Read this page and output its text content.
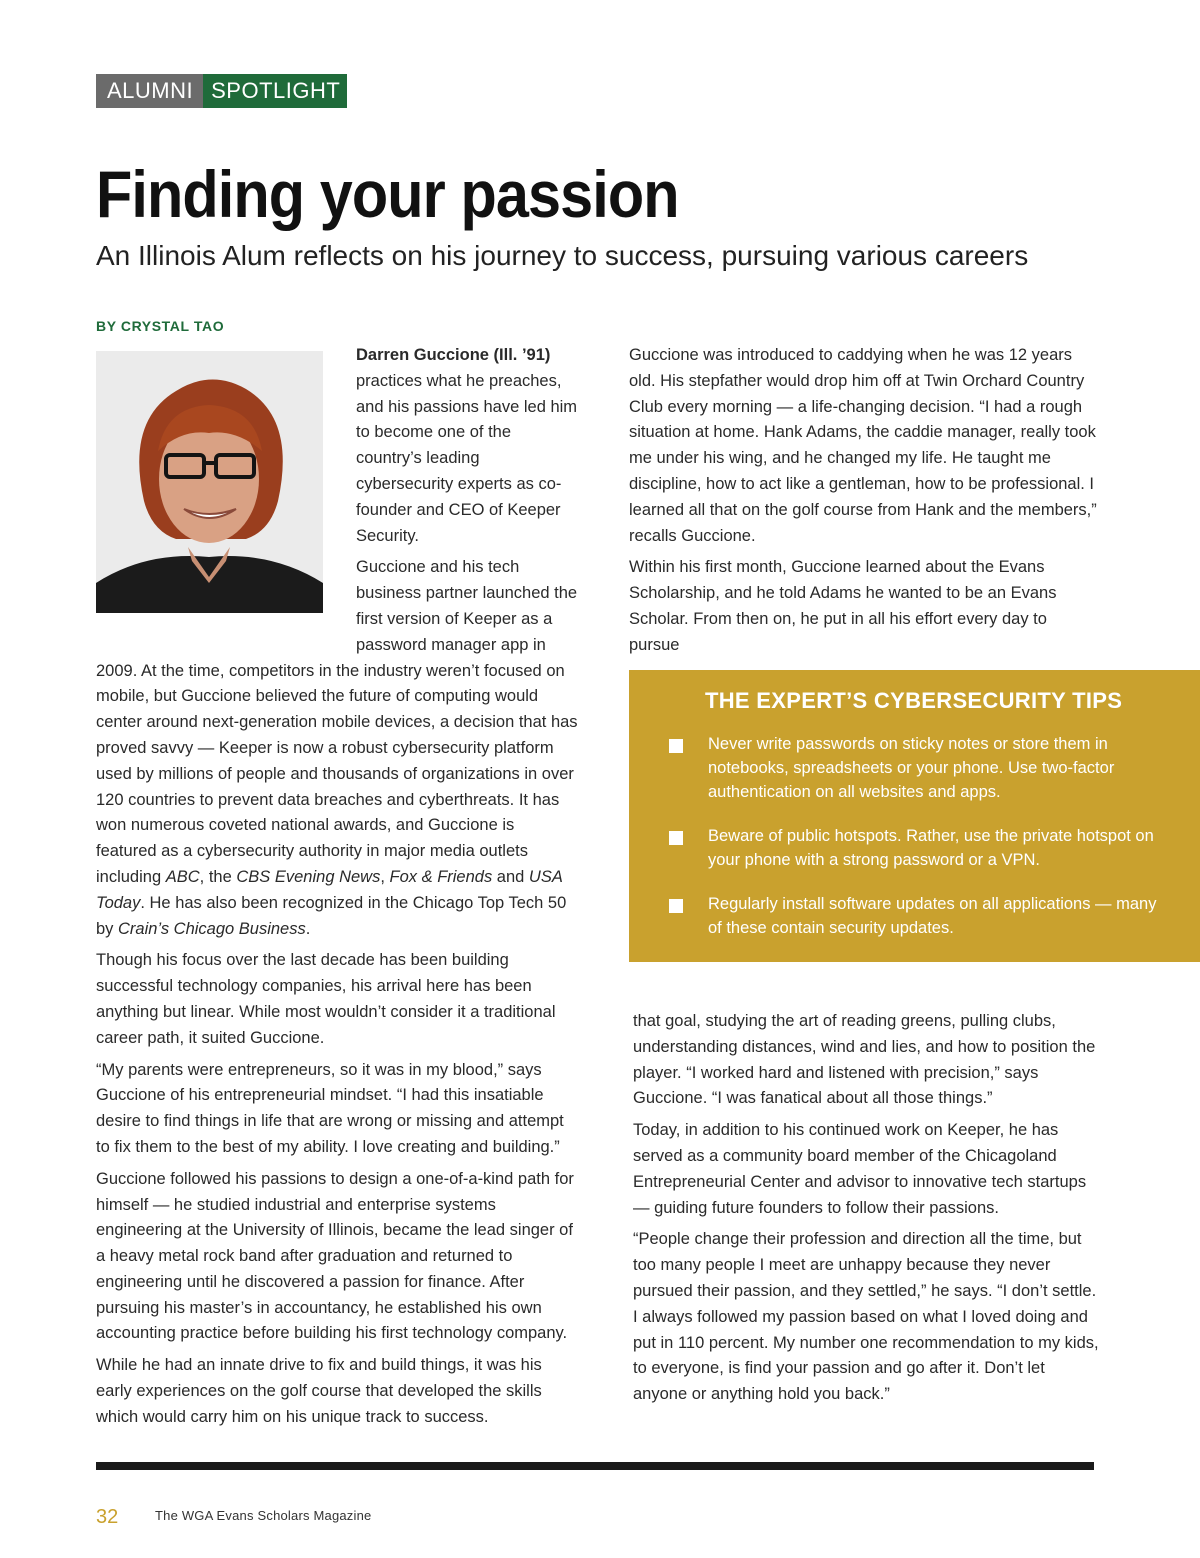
ALUMNI SPOTLIGHT
Finding your passion
An Illinois Alum reflects on his journey to success, pursuing various careers
BY CRYSTAL TAO

Darren Guccione (Ill. ’91) practices what he preaches, and his passions have led him to become one of the country’s leading cybersecurity experts as co-founder and CEO of Keeper Security.

Guccione and his tech business partner launched the first version of Keeper as a password manager app in 2009. At the time, competitors in the industry weren’t focused on mobile, but Guccione believed the future of computing would center around next-generation mobile devices, a decision that has proved savvy — Keeper is now a robust cybersecurity platform used by millions of people and thousands of organizations in over 120 countries to prevent data breaches and cyberthreats. It has won numerous coveted national awards, and Guccione is featured as a cybersecurity authority in major media outlets including ABC, the CBS Evening News, Fox & Friends and USA Today. He has also been recognized in the Chicago Top Tech 50 by Crain’s Chicago Business.

Though his focus over the last decade has been building successful technology companies, his arrival here has been anything but linear. While most wouldn’t consider it a traditional career path, it suited Guccione.

“My parents were entrepreneurs, so it was in my blood,” says Guccione of his entrepreneurial mindset. “I had this insatiable desire to find things in life that are wrong or missing and attempt to fix them to the best of my ability. I love creating and building.”

Guccione followed his passions to design a one-of-a-kind path for himself — he studied industrial and enterprise systems engineering at the University of Illinois, became the lead singer of a heavy metal rock band after graduation and returned to engineering until he discovered a passion for finance. After pursuing his master’s in accountancy, he established his own accounting practice before building his first technology company.

While he had an innate drive to fix and build things, it was his early experiences on the golf course that developed the skills which would carry him on his unique track to success.

Guccione was introduced to caddying when he was 12 years old. His stepfather would drop him off at Twin Orchard Country Club every morning — a life-changing decision. “I had a rough situation at home. Hank Adams, the caddie manager, really took me under his wing, and he changed my life. He taught me discipline, how to act like a gentleman, how to be professional. I learned all that on the golf course from Hank and the members,” recalls Guccione.

Within his first month, Guccione learned about the Evans Scholarship, and he told Adams he wanted to be an Evans Scholar. From then on, he put in all his effort every day to pursue

THE EXPERT’S CYBERSECURITY TIPS
Never write passwords on sticky notes or store them in notebooks, spreadsheets or your phone. Use two-factor authentication on all websites and apps.
Beware of public hotspots. Rather, use the private hotspot on your phone with a strong password or a VPN.
Regularly install software updates on all applications — many of these contain security updates.

that goal, studying the art of reading greens, pulling clubs, understanding distances, wind and lies, and how to position the player. “I worked hard and listened with precision,” says Guccione. “I was fanatical about all those things.”

Today, in addition to his continued work on Keeper, he has served as a community board member of the Chicagoland Entrepreneurial Center and advisor to innovative tech startups — guiding future founders to follow their passions.

“People change their profession and direction all the time, but too many people I meet are unhappy because they never pursued their passion, and they settled,” he says. “I don’t settle. I always followed my passion based on what I loved doing and put in 110 percent. My number one recommendation to my kids, to everyone, is find your passion and go after it. Don’t let anyone or anything hold you back.”

32	The WGA Evans Scholars Magazine
